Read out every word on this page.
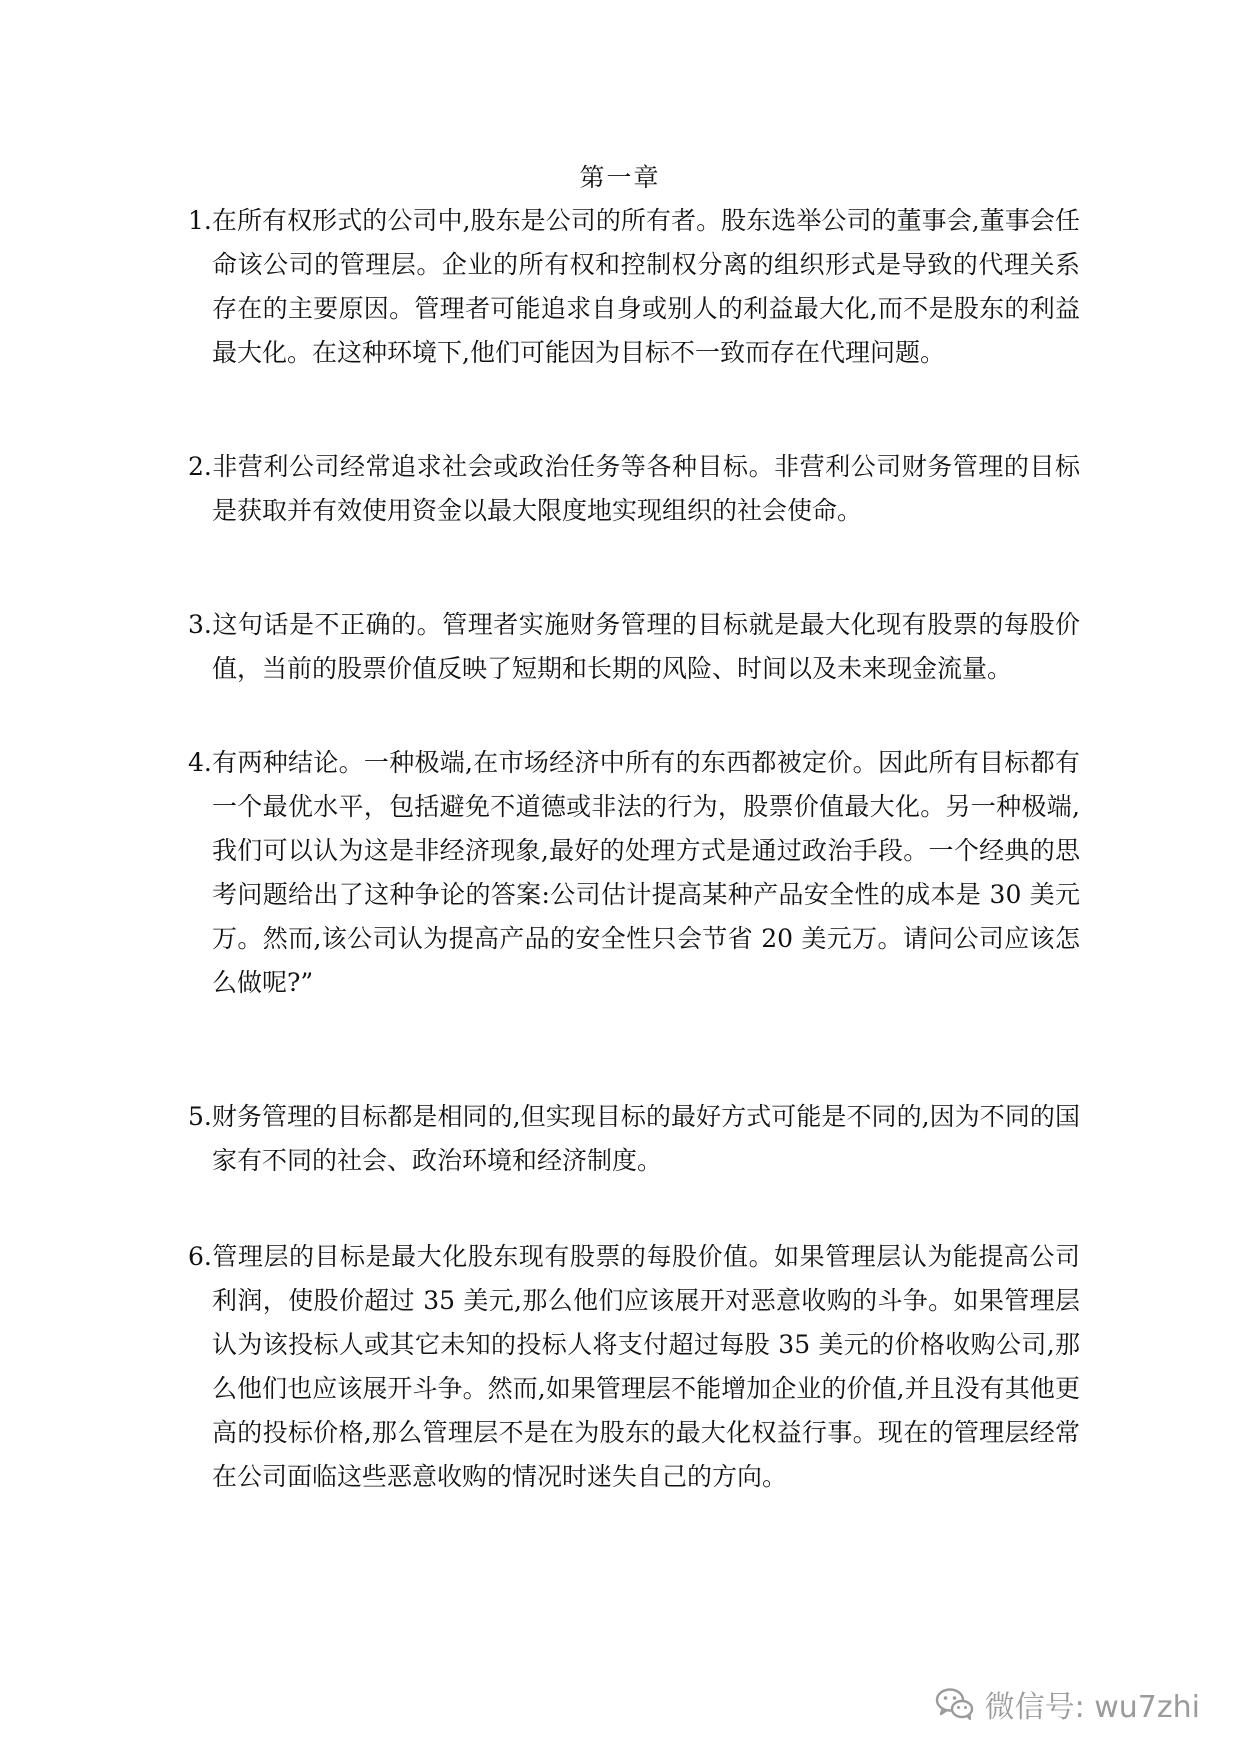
第一章

1.在所有权形式的公司中,股东是公司的所有者。股东选举公司的董事会,董事会任命该公司的管理层。企业的所有权和控制权分离的组织形式是导致的代理关系存在的主要原因。管理者可能追求自身或别人的利益最大化,而不是股东的利益最大化。在这种环境下,他们可能因为目标不一致而存在代理问题。

2.非营利公司经常追求社会或政治任务等各种目标。非营利公司财务管理的目标是获取并有效使用资金以最大限度地实现组织的社会使命。

3.这句话是不正确的。管理者实施财务管理的目标就是最大化现有股票的每股价值，当前的股票价值反映了短期和长期的风险、时间以及未来现金流量。

4.有两种结论。一种极端,在市场经济中所有的东西都被定价。因此所有目标都有一个最优水平，包括避免不道德或非法的行为，股票价值最大化。另一种极端,我们可以认为这是非经济现象,最好的处理方式是通过政治手段。一个经典的思考问题给出了这种争论的答案:公司估计提高某种产品安全性的成本是 30 美元万。然而,该公司认为提高产品的安全性只会节省 20 美元万。请问公司应该怎么做呢?”

5.财务管理的目标都是相同的,但实现目标的最好方式可能是不同的,因为不同的国家有不同的社会、政治环境和经济制度。

6.管理层的目标是最大化股东现有股票的每股价值。如果管理层认为能提高公司利润，使股价超过 35 美元,那么他们应该展开对恶意收购的斗争。如果管理层认为该投标人或其它未知的投标人将支付超过每股 35 美元的价格收购公司,那么他们也应该展开斗争。然而,如果管理层不能增加企业的价值,并且没有其他更高的投标价格,那么管理层不是在为股东的最大化权益行事。现在的管理层经常在公司面临这些恶意收购的情况时迷失自己的方向。

微信号: wu7zhi
